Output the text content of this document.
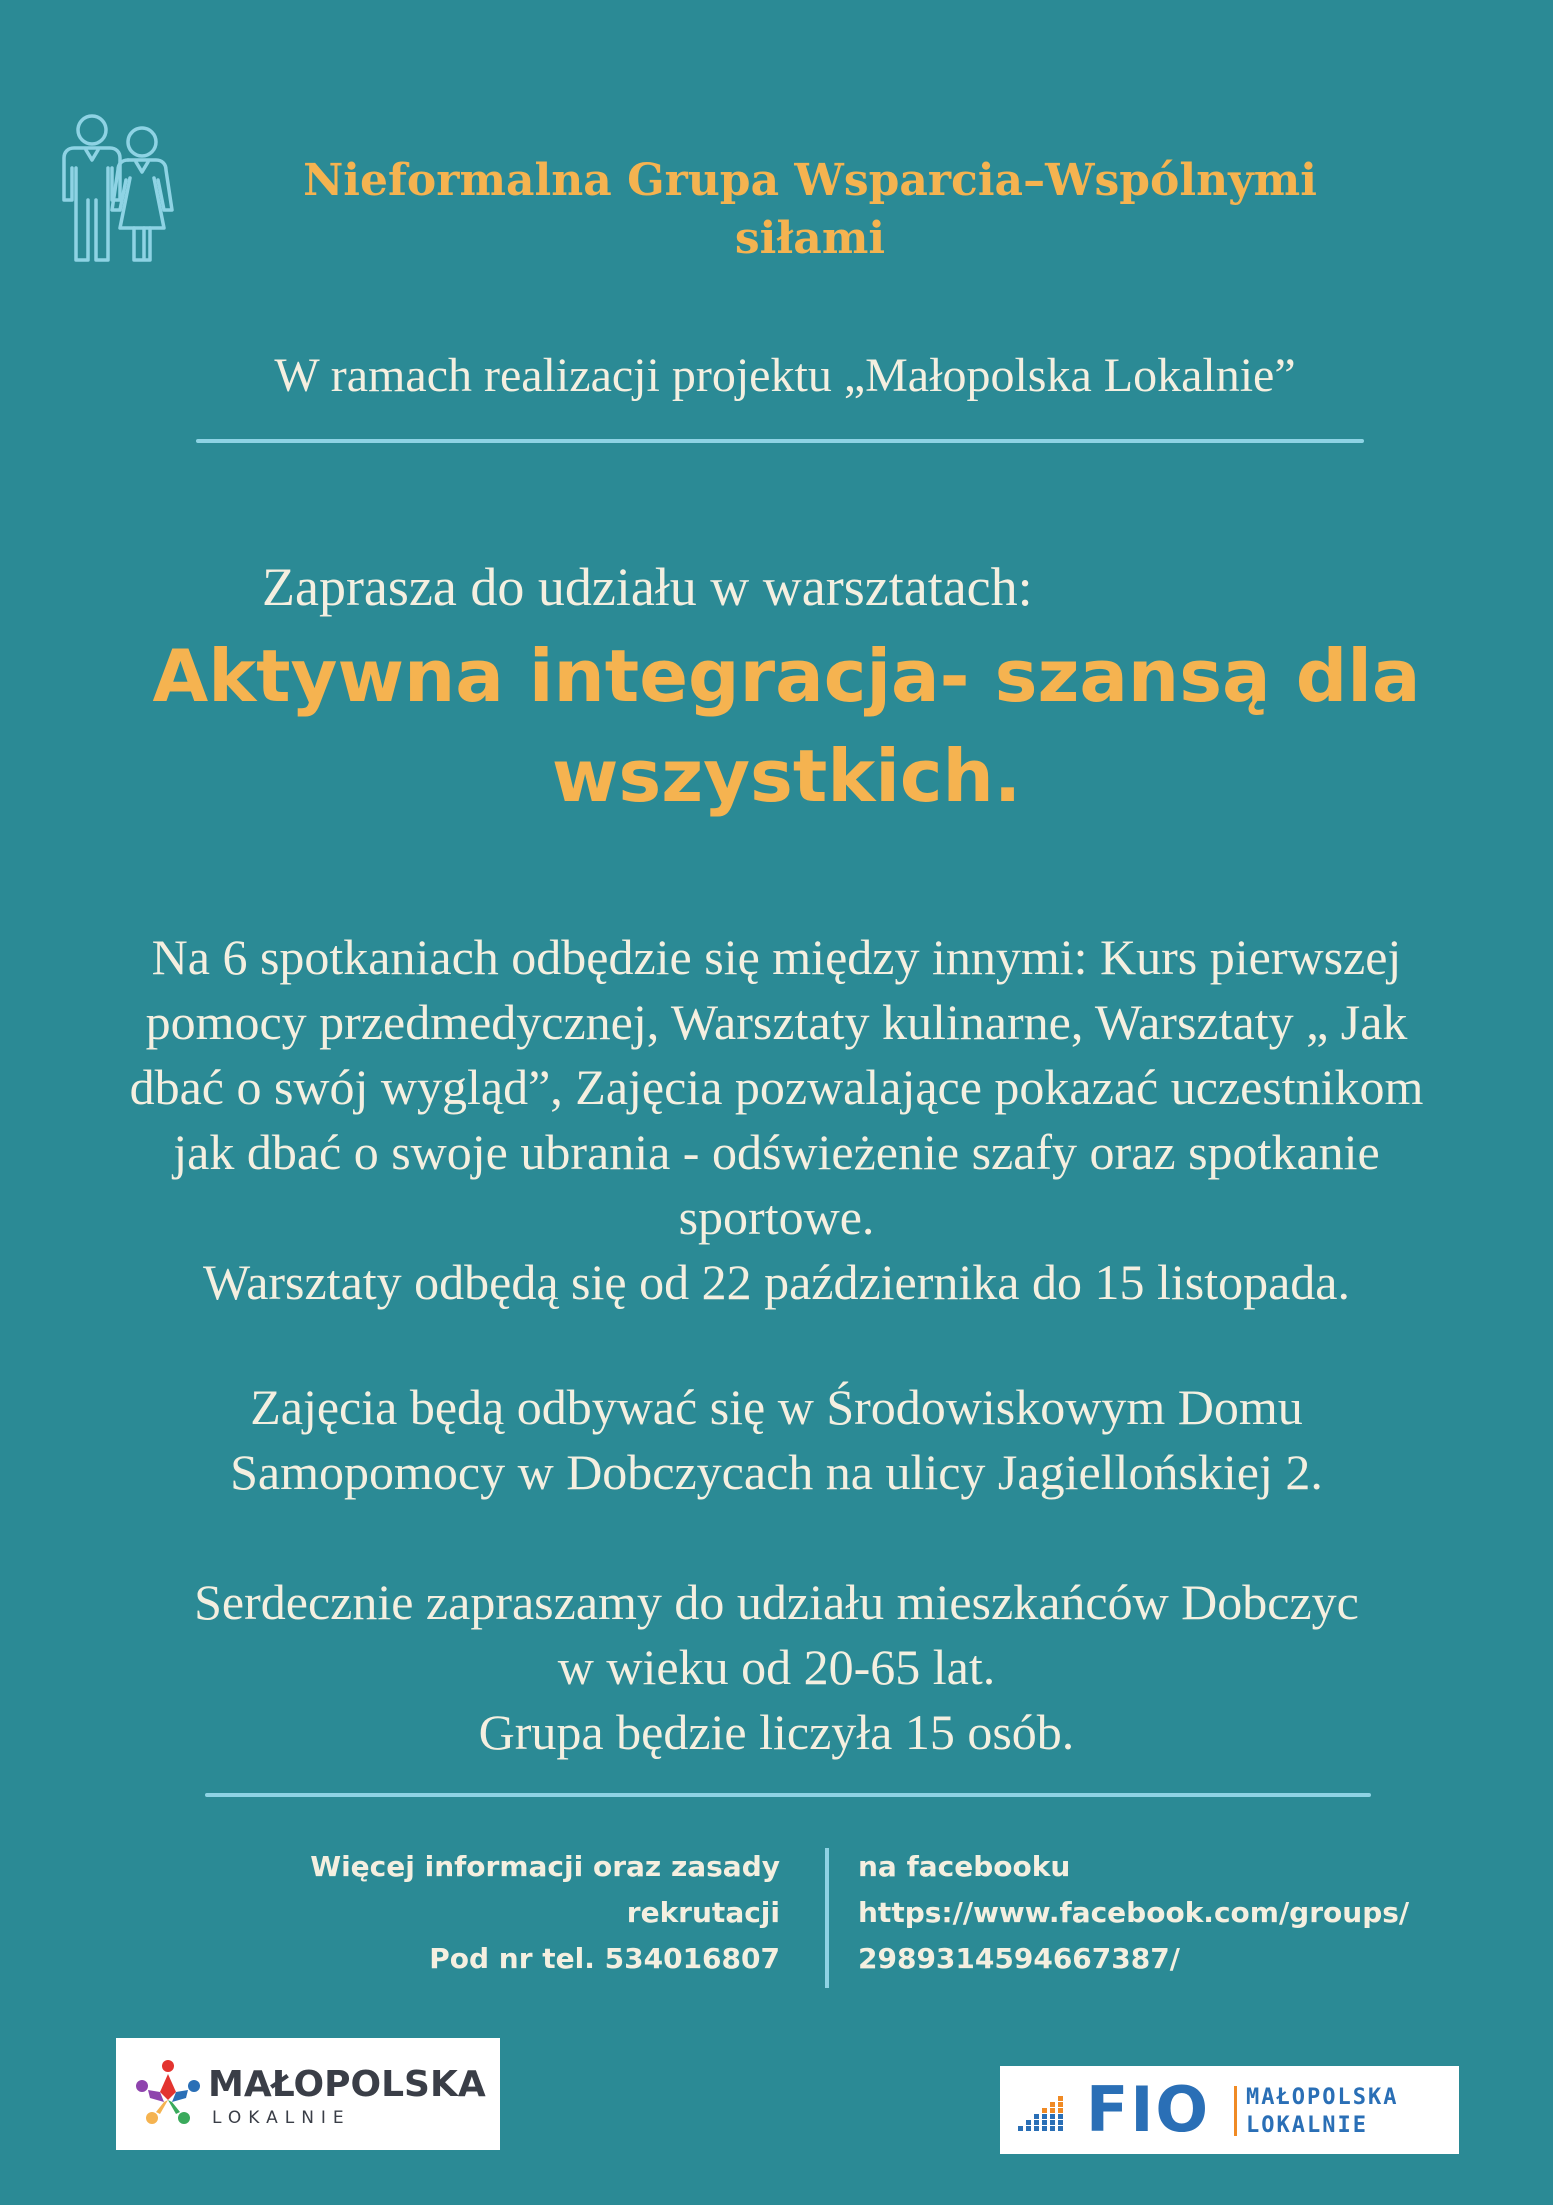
Nieformalna Grupa Wsparcia–Wspólnymi
siłami
W ramach realizacji projektu „Małopolska Lokalnie”
Zaprasza do udziału w warsztatach:
Aktywna integracja- szansą dla
wszystkich.

Na 6 spotkaniach odbędzie się między innymi: Kurs pierwszej

pomocy przedmedycznej, Warsztaty kulinarne, Warsztaty „ Jak

dbać o swój wygląd”, Zajęcia pozwalające pokazać uczestnikom

jak dbać o swoje ubrania - odświeżenie szafy oraz spotkanie

sportowe.

Warsztaty odbędą się od 22 października do 15 listopada.

Zajęcia będą odbywać się w Środowiskowym Domu

Samopomocy w Dobczycach na ulicy Jagiellońskiej 2.

Serdecznie zapraszamy do udziału mieszkańców Dobczyc

w wieku od 20-65 lat.

Grupa będzie liczyła 15 osób.

Więcej informacji oraz zasady
rekrutacji
Pod nr tel. 534016807
na facebooku
https://www.facebook.com/groups/
2989314594667387/
MAŁOPOLSKA
LOKALNIE	FIO MAŁOPOLSKA
LOKALNIE
